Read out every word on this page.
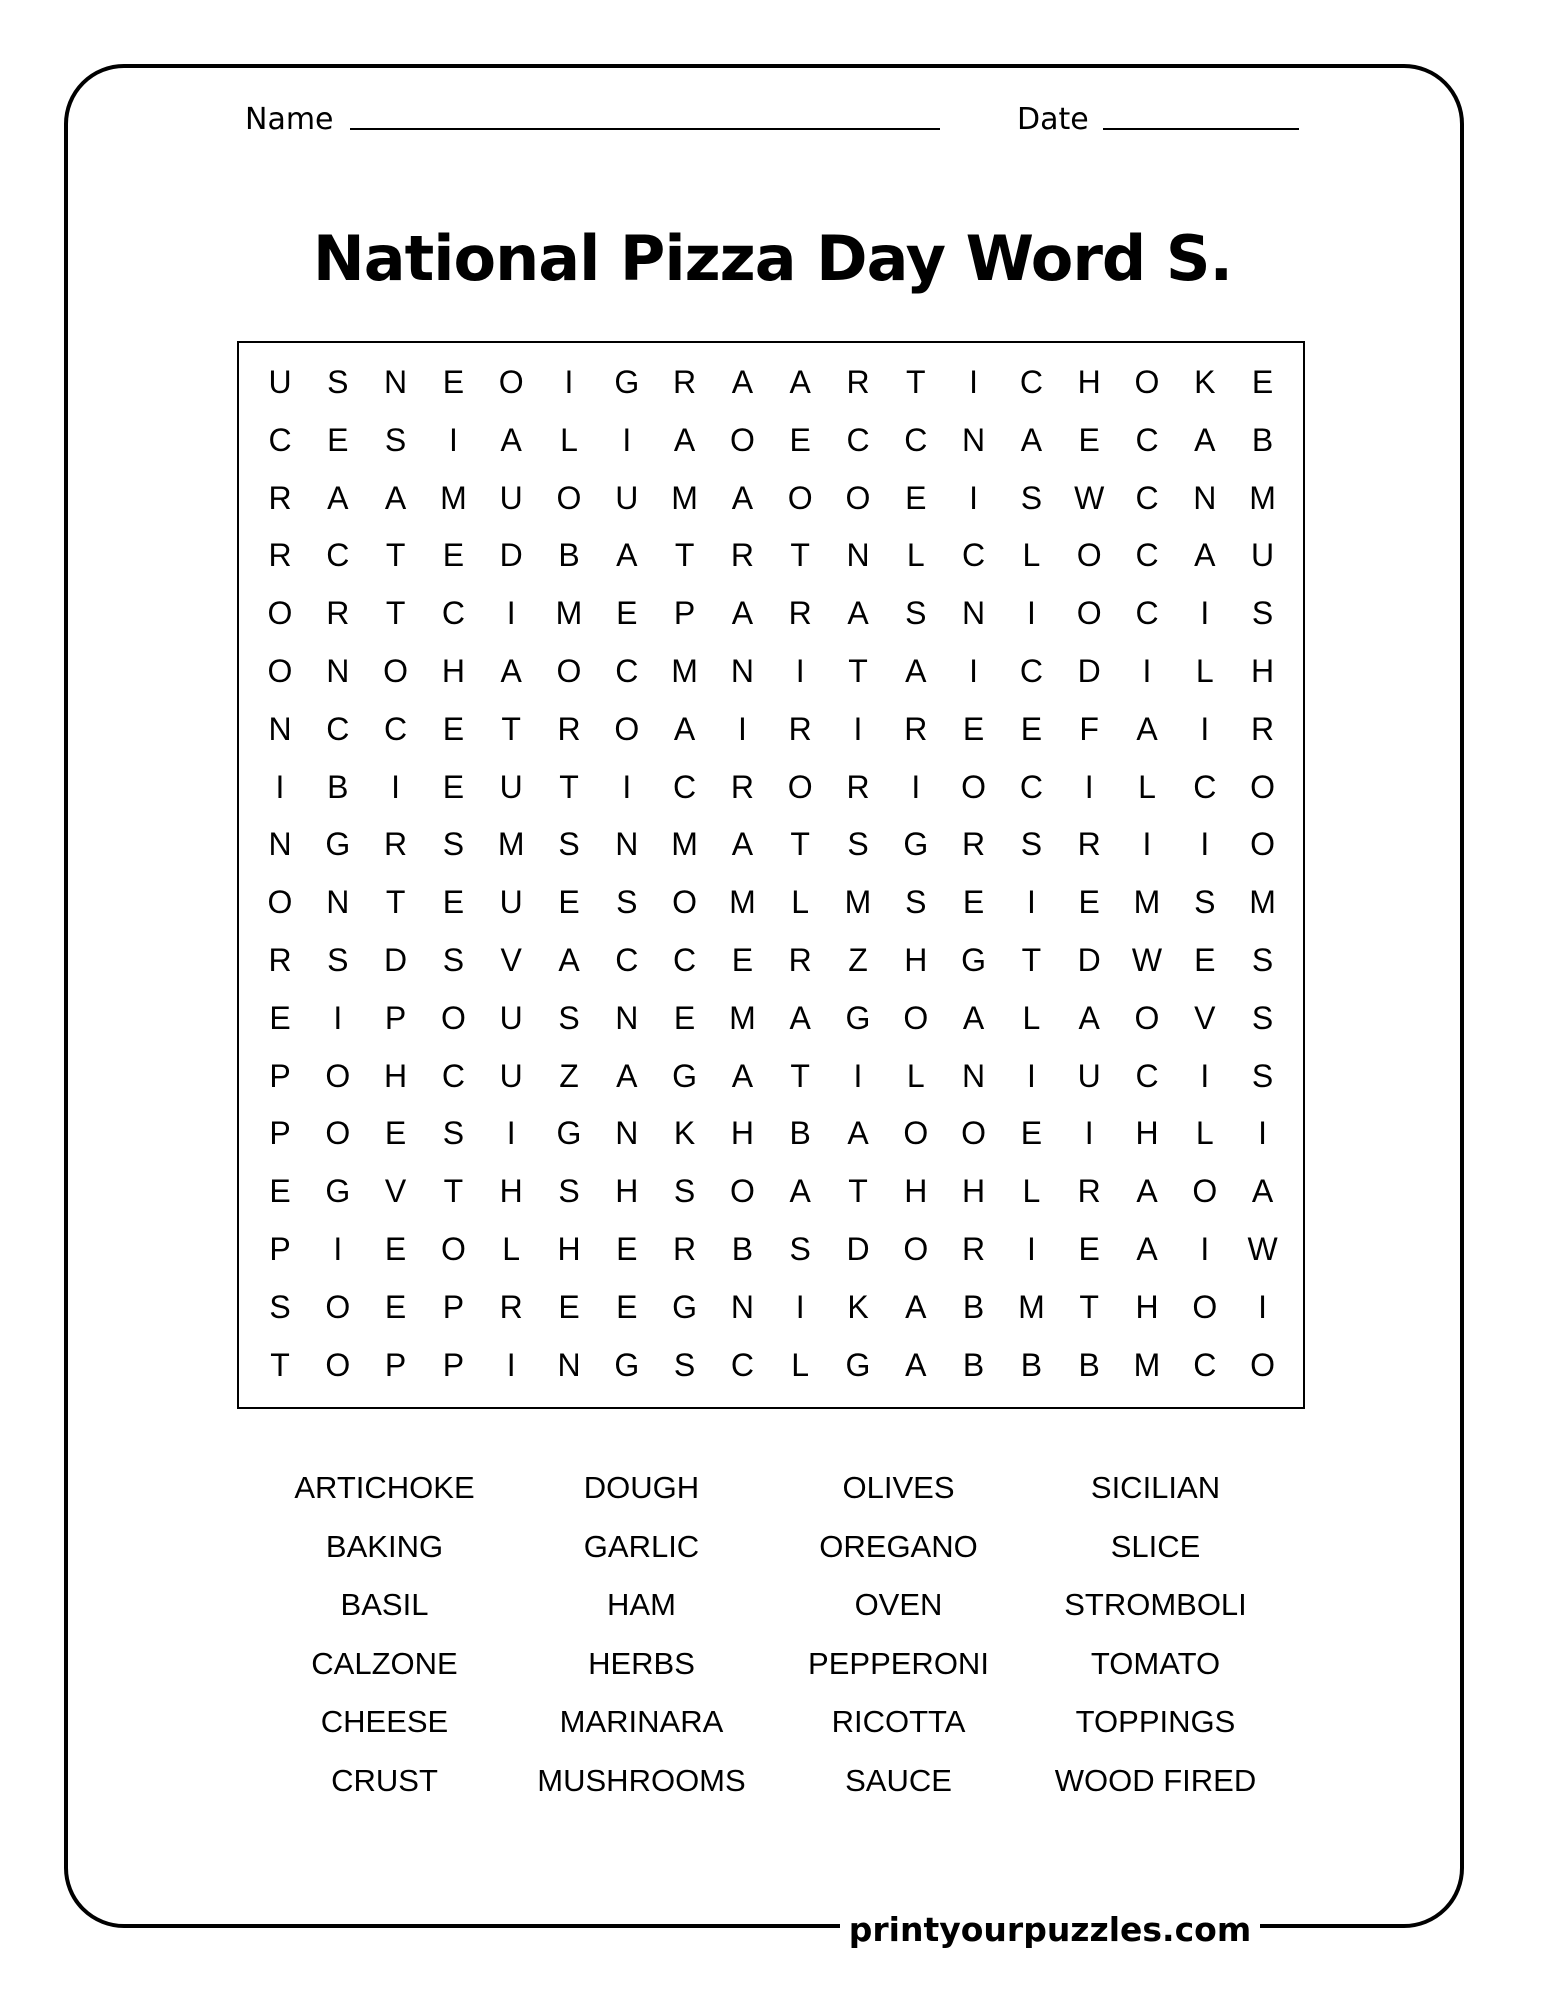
Name	Date
National Pizza Day Word S.
U	S	N	E	O	I	G	R	A	A	R	T	I	C	H	O	K	E
C	E	S	I	A	L	I	A	O	E	C	C	N	A	E	C	A	B
R	A	A	M	U	O	U	M	A	O	O	E	I	S	W C	N	M
R	C	T	E	D	B	A	T	R	T	N	L	C	L	O	C	A	U
O	R	T	C	I	M	E	P	A	R	A	S	N	I	O	C	I	S
O	N	O	H	A	O	C	M	N	I	T	A	I	C	D	I	L	H
N	C	C	E	T	R	O	A	I	R	I	R	E	E	F	A	I	R
I	B	I	E	U	T	I	C	R	O	R	I	O	C	I	L	C	O
N	G	R	S	M	S	N	M	A	T	S	G	R	S	R	I	I	O
O	N	T	E	U	E	S	O	M	L	M	S	E	I	E	M	S	M
R	S	D	S	V	A	C	C	E	R	Z	H	G	T	D W	E	S
E	I	P	O	U	S	N	E	M	A	G	O	A	L	A	O	V	S
P	O	H	C	U	Z	A	G	A	T	I	L	N	I	U	C	I	S
P	O	E	S	I	G	N	K	H	B	A	O	O	E	I	H	L	I
E	G	V	T	H	S	H	S	O	A	T	H	H	L	R	A	O	A
P	I	E	O	L	H	E	R	B	S	D	O	R	I	E	A	I	W
S	O	E	P	R	E	E	G	N	I	K	A	B	M	T	H	O	I
T	O	P	P	I	N	G	S	C	L	G	A	B	B	B	M	C	O
ARTICHOKE
BAKING
BASIL
CALZONE
CHEESE
CRUST
DOUGH
GARLIC
HAM
HERBS
MARINARA
MUSHROOMS
OLIVES
OREGANO
OVEN
PEPPERONI
RICOTTA
SAUCE
SICILIAN
SLICE
STROMBOLI
TOMATO
TOPPINGS
WOOD FIRED
printyourpuzzles.com
